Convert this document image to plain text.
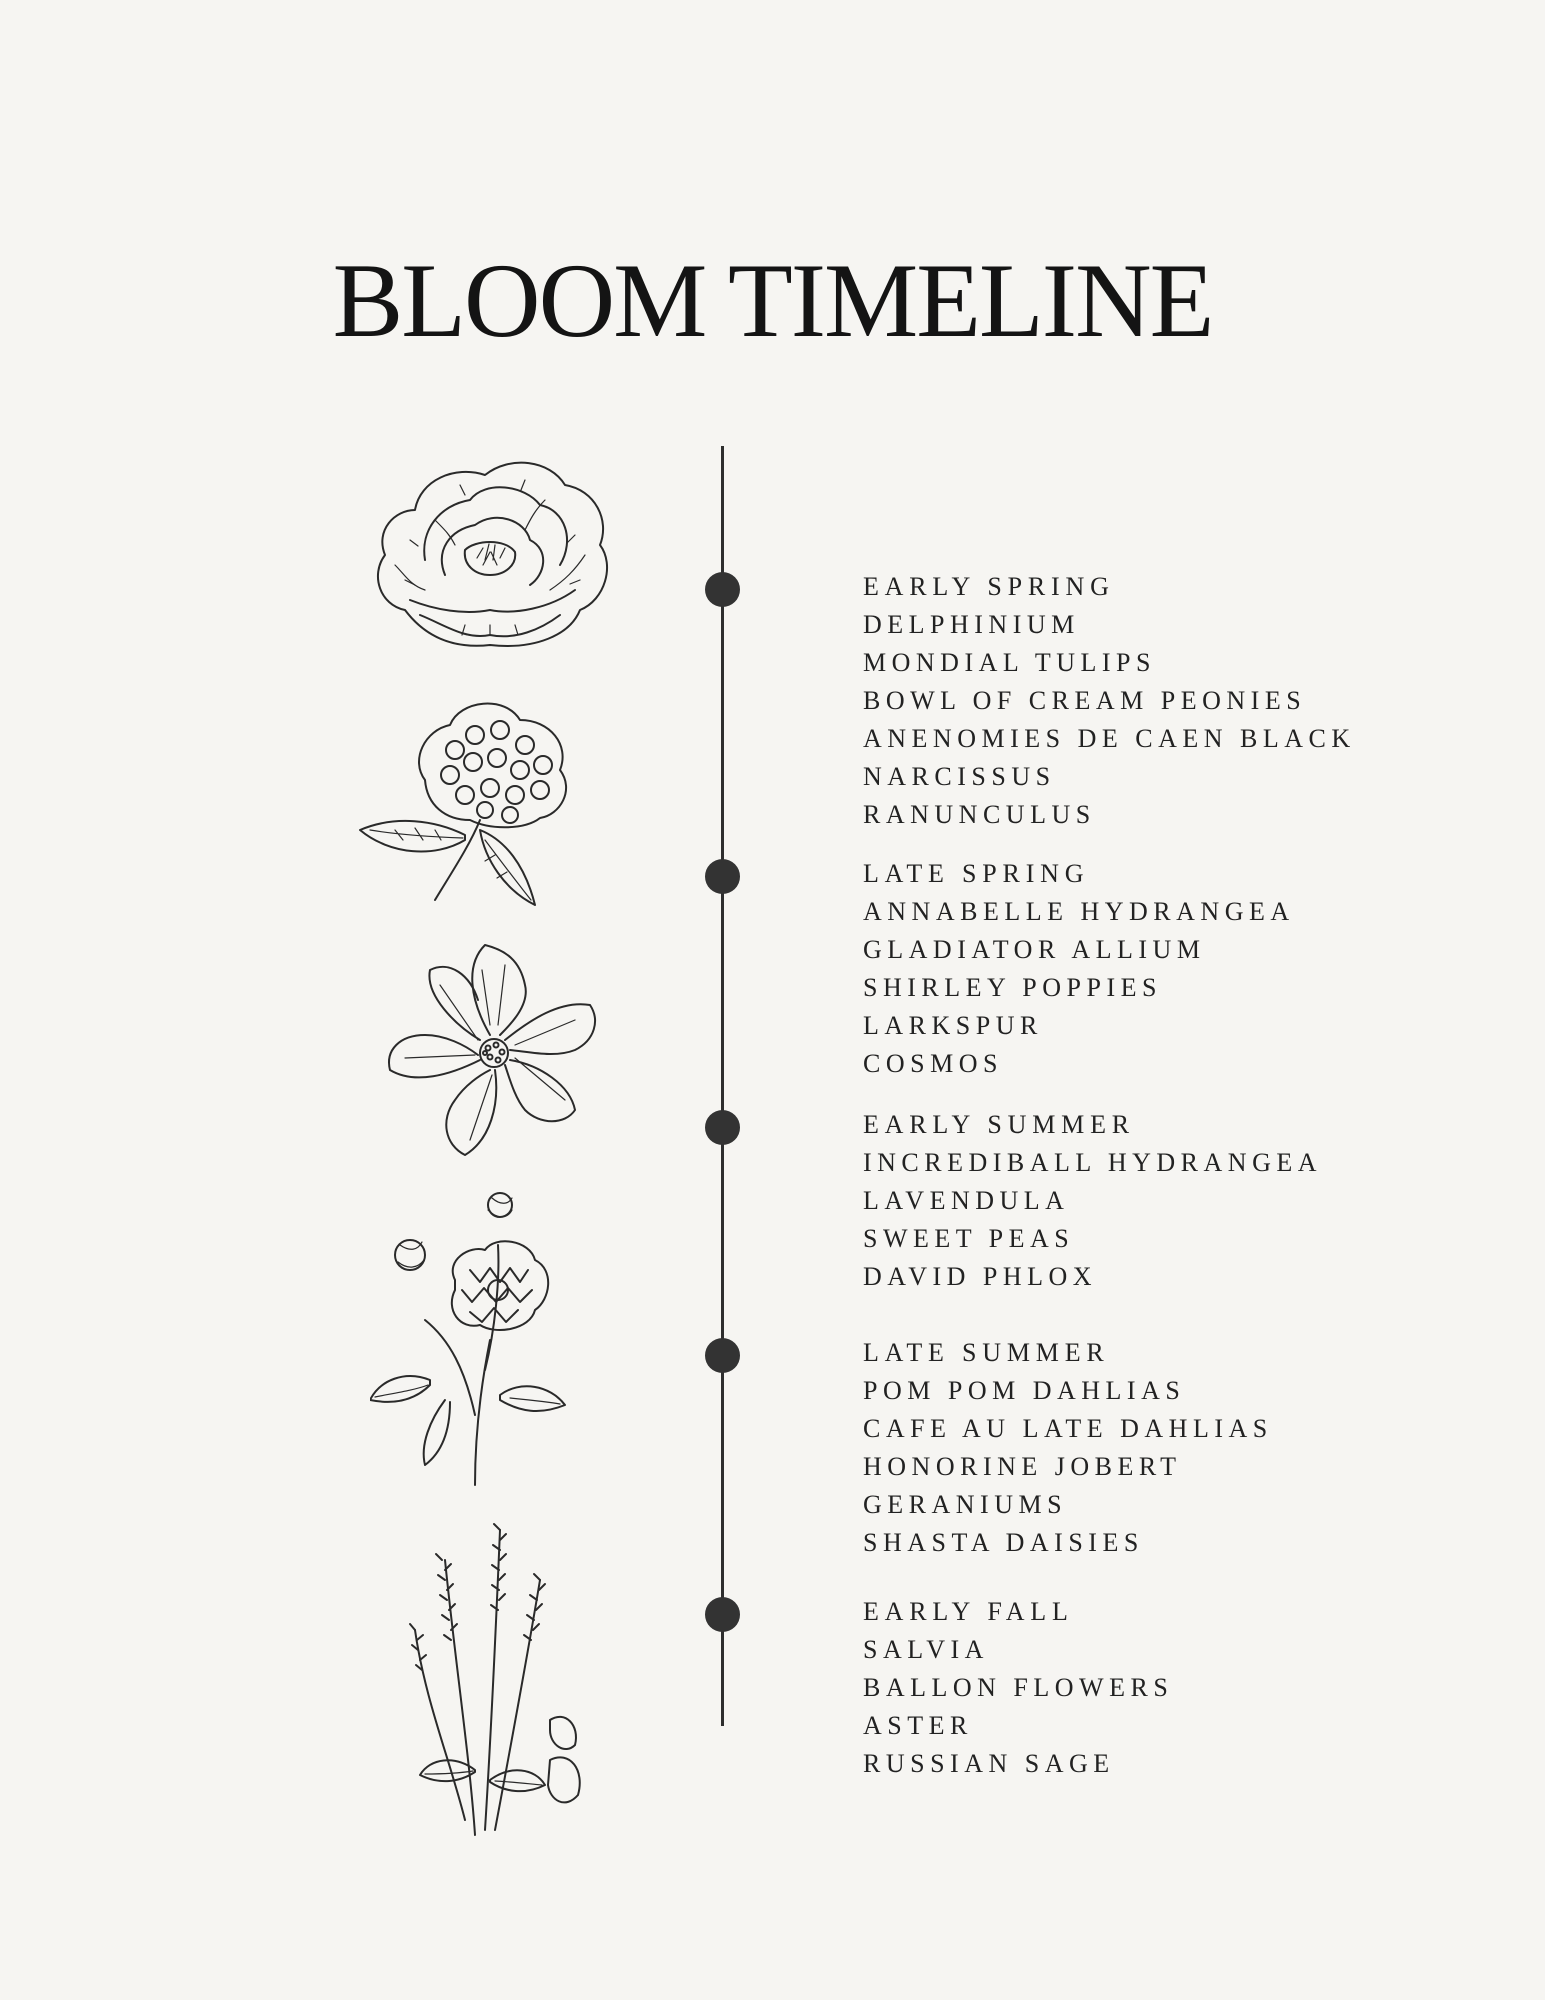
BLOOM TIMELINE
EARLY SPRING
DELPHINIUM
MONDIAL TULIPS
BOWL OF CREAM PEONIES
ANENOMIES DE CAEN BLACK
NARCISSUS
RANUNCULUS
LATE SPRING
ANNABELLE HYDRANGEA
GLADIATOR ALLIUM
SHIRLEY POPPIES
LARKSPUR
COSMOS
EARLY SUMMER
INCREDIBALL HYDRANGEA
LAVENDULA
SWEET PEAS
DAVID PHLOX
LATE SUMMER
POM POM DAHLIAS
CAFE AU LATE DAHLIAS
HONORINE JOBERT
GERANIUMS
SHASTA DAISIES
EARLY FALL
SALVIA
BALLON FLOWERS
ASTER
RUSSIAN SAGE
